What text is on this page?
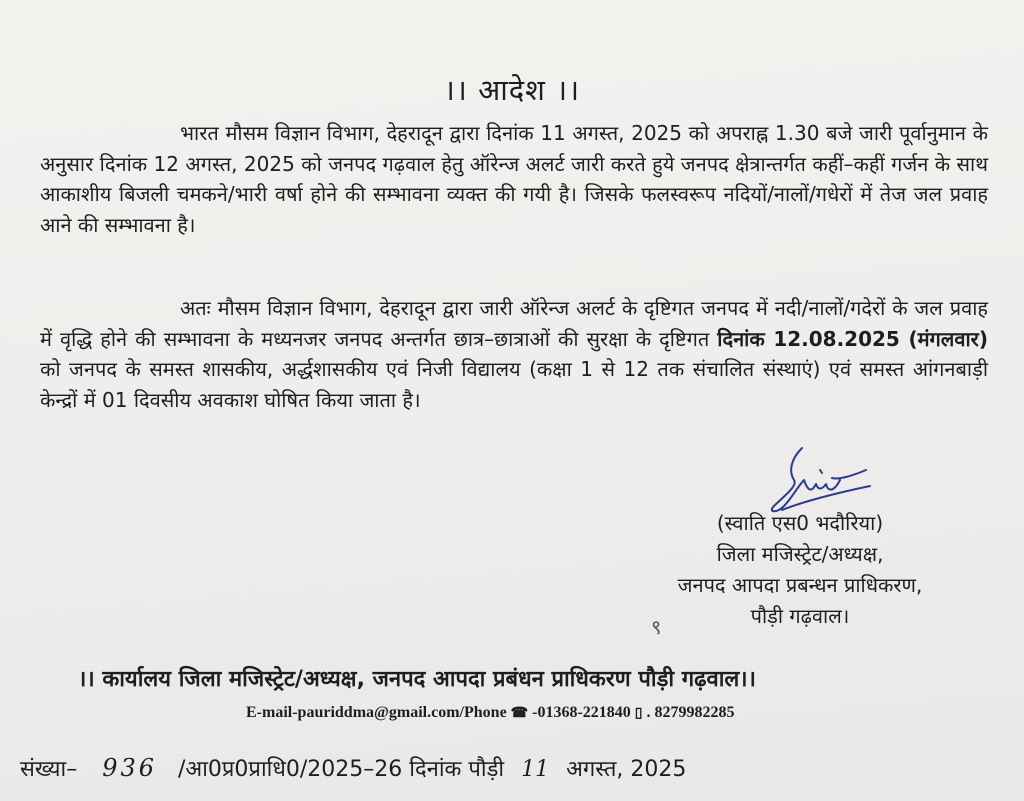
।। आदेश ।।

भारत मौसम विज्ञान विभाग, देहरादून द्वारा दिनांक 11 अगस्त, 2025 को अपराह्न 1.30 बजे जारी पूर्वानुमान के अनुसार दिनांक 12 अगस्त, 2025 को जनपद गढ़वाल हेतु ऑरेन्ज अलर्ट जारी करते हुये जनपद क्षेत्रान्तर्गत कहीं–कहीं गर्जन के साथ आकाशीय बिजली चमकने/भारी वर्षा होने की सम्भावना व्यक्त की गयी है। जिसके फलस्वरूप नदियों/नालों/गधेरों में तेज जल प्रवाह आने की सम्भावना है।

अतः मौसम विज्ञान विभाग, देहरादून द्वारा जारी ऑरेन्ज अलर्ट के दृष्टिगत जनपद में नदी/नालों/गदेरों के जल प्रवाह में वृद्धि होने की सम्भावना के मध्यनजर जनपद अन्तर्गत छात्र–छात्राओं की सुरक्षा के दृष्टिगत दिनांक 12.08.2025 (मंगलवार) को जनपद के समस्त शासकीय, अर्द्धशासकीय एवं निजी विद्यालय (कक्षा 1 से 12 तक संचालित संस्थाएं) एवं समस्त आंगनबाड़ी केन्द्रों में 01 दिवसीय अवकाश घोषित किया जाता है।

(स्वाति एस0 भदौरिया)
जिला मजिस्ट्रेट/अध्यक्ष,
जनपद आपदा प्रबन्धन प्राधिकरण,
पौड़ी गढ़वाल।
९
।। कार्यालय जिला मजिस्ट्रेट/अध्यक्ष, जनपद आपदा प्रबंधन प्राधिकरण पौड़ी गढ़वाल।।
E-mail-pauriddma@gmail.com/Phone ☎ -01368-221840 ▯ . 8279982285
संख्या– 936 /आ0प्र0प्राधि0/2025–26 दिनांक पौड़ी 11 अगस्त, 2025
